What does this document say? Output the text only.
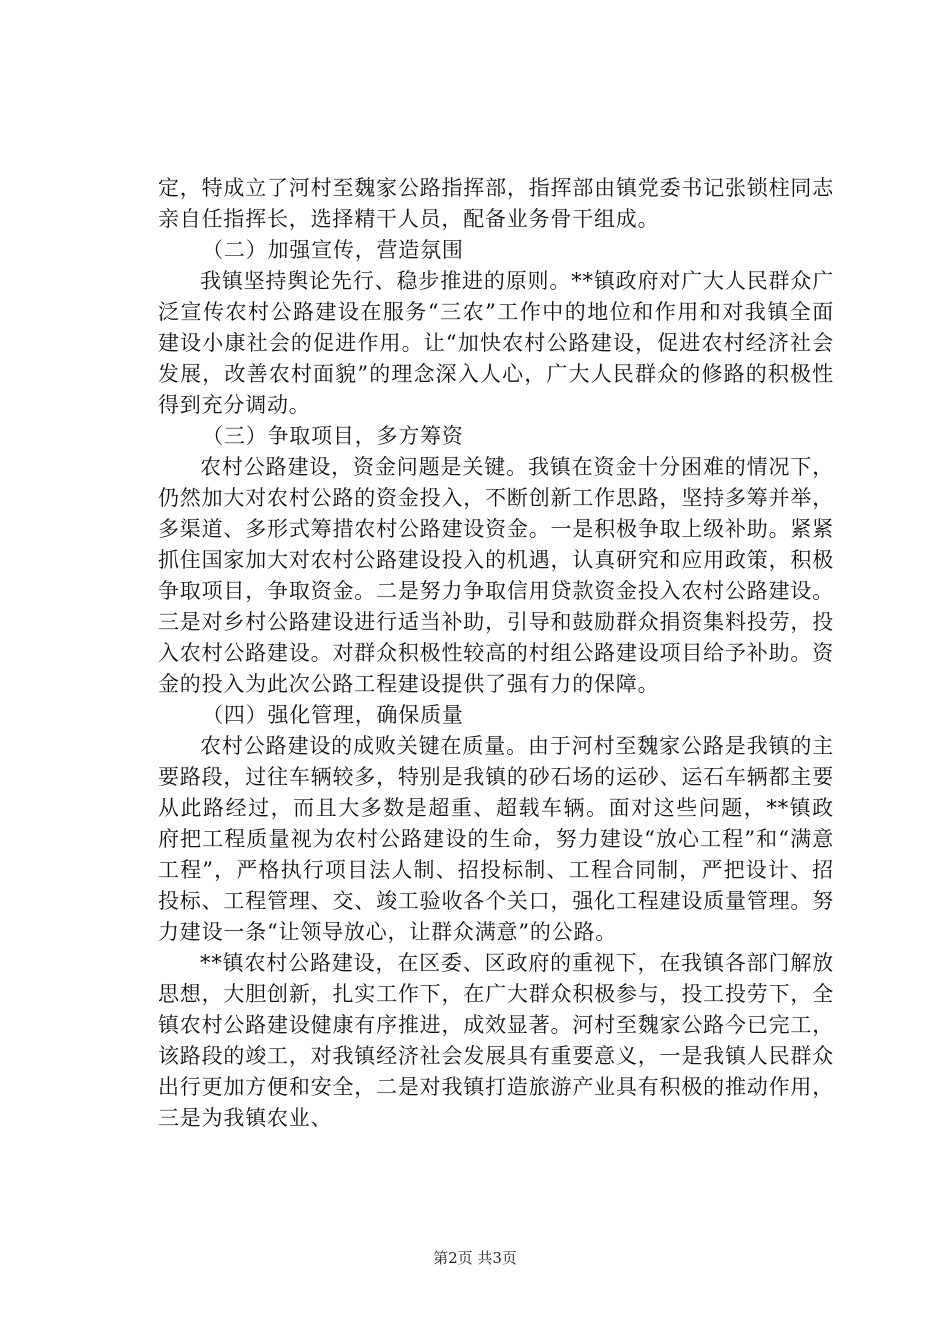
定，特成立了河村至魏家公路指挥部，指挥部由镇党委书记张锁柱同志亲自任指挥长，选择精干人员，配备业务骨干组成。

（二）加强宣传，营造氛围

我镇坚持舆论先行、稳步推进的原则。**镇政府对广大人民群众广泛宣传农村公路建设在服务“三农”工作中的地位和作用和对我镇全面建设小康社会的促进作用。让“加快农村公路建设，促进农村经济社会发展，改善农村面貌”的理念深入人心，广大人民群众的修路的积极性得到充分调动。

（三）争取项目，多方筹资

农村公路建设，资金问题是关键。我镇在资金十分困难的情况下，仍然加大对农村公路的资金投入，不断创新工作思路，坚持多筹并举，多渠道、多形式筹措农村公路建设资金。一是积极争取上级补助。紧紧抓住国家加大对农村公路建设投入的机遇，认真研究和应用政策，积极争取项目，争取资金。二是努力争取信用贷款资金投入农村公路建设。三是对乡村公路建设进行适当补助，引导和鼓励群众捐资集料投劳，投入农村公路建设。对群众积极性较高的村组公路建设项目给予补助。资金的投入为此次公路工程建设提供了强有力的保障。

（四）强化管理，确保质量

农村公路建设的成败关键在质量。由于河村至魏家公路是我镇的主要路段，过往车辆较多，特别是我镇的砂石场的运砂、运石车辆都主要从此路经过，而且大多数是超重、超载车辆。面对这些问题，**镇政府把工程质量视为农村公路建设的生命，努力建设“放心工程”和“满意工程”，严格执行项目法人制、招投标制、工程合同制，严把设计、招投标、工程管理、交、竣工验收各个关口，强化工程建设质量管理。努力建设一条“让领导放心，让群众满意”的公路。

**镇农村公路建设，在区委、区政府的重视下，在我镇各部门解放思想，大胆创新，扎实工作下，在广大群众积极参与，投工投劳下，全镇农村公路建设健康有序推进，成效显著。河村至魏家公路今已完工，该路段的竣工，对我镇经济社会发展具有重要意义，一是我镇人民群众出行更加方便和安全，二是对我镇打造旅游产业具有积极的推动作用，三是为我镇农业、

第2页 共3页
